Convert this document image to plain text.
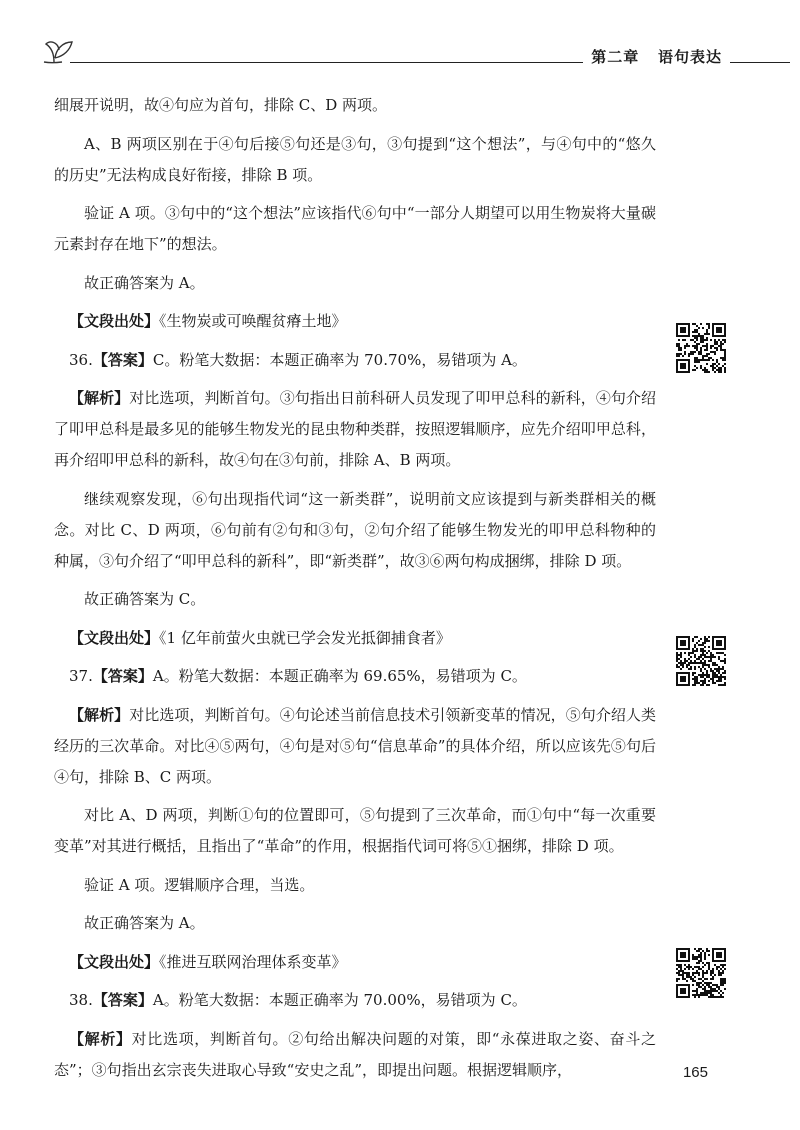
第二章 语句表达

细展开说明，故④句应为首句，排除 C、D 两项。

A、B 两项区别在于④句后接⑤句还是③句，③句提到“这个想法”，与④句中的“悠久的历史”无法构成良好衔接，排除 B 项。

验证 A 项。③句中的“这个想法”应该指代⑥句中“一部分人期望可以用生物炭将大量碳元素封存在地下”的想法。

故正确答案为 A。

【文段出处】《生物炭或可唤醒贫瘠土地》

36.【答案】C。粉笔大数据：本题正确率为 70.70%，易错项为 A。

【解析】对比选项，判断首句。③句指出日前科研人员发现了叩甲总科的新科，④句介绍了叩甲总科是最多见的能够生物发光的昆虫物种类群，按照逻辑顺序，应先介绍叩甲总科，再介绍叩甲总科的新科，故④句在③句前，排除 A、B 两项。

继续观察发现，⑥句出现指代词“这一新类群”，说明前文应该提到与新类群相关的概念。对比 C、D 两项，⑥句前有②句和③句，②句介绍了能够生物发光的叩甲总科物种的种属，③句介绍了“叩甲总科的新科”，即“新类群”，故③⑥两句构成捆绑，排除 D 项。

故正确答案为 C。

【文段出处】《1 亿年前萤火虫就已学会发光抵御捕食者》

37.【答案】A。粉笔大数据：本题正确率为 69.65%，易错项为 C。

【解析】对比选项，判断首句。④句论述当前信息技术引领新变革的情况，⑤句介绍人类经历的三次革命。对比④⑤两句，④句是对⑤句“信息革命”的具体介绍，所以应该先⑤句后④句，排除 B、C 两项。

对比 A、D 两项，判断①句的位置即可，⑤句提到了三次革命，而①句中“每一次重要变革”对其进行概括，且指出了“革命”的作用，根据指代词可将⑤①捆绑，排除 D 项。

验证 A 项。逻辑顺序合理，当选。

故正确答案为 A。

【文段出处】《推进互联网治理体系变革》

38.【答案】A。粉笔大数据：本题正确率为 70.00%，易错项为 C。

【解析】对比选项，判断首句。②句给出解决问题的对策，即“永葆进取之姿、奋斗之态”；③句指出玄宗丧失进取心导致“安史之乱”，即提出问题。根据逻辑顺序，	165
